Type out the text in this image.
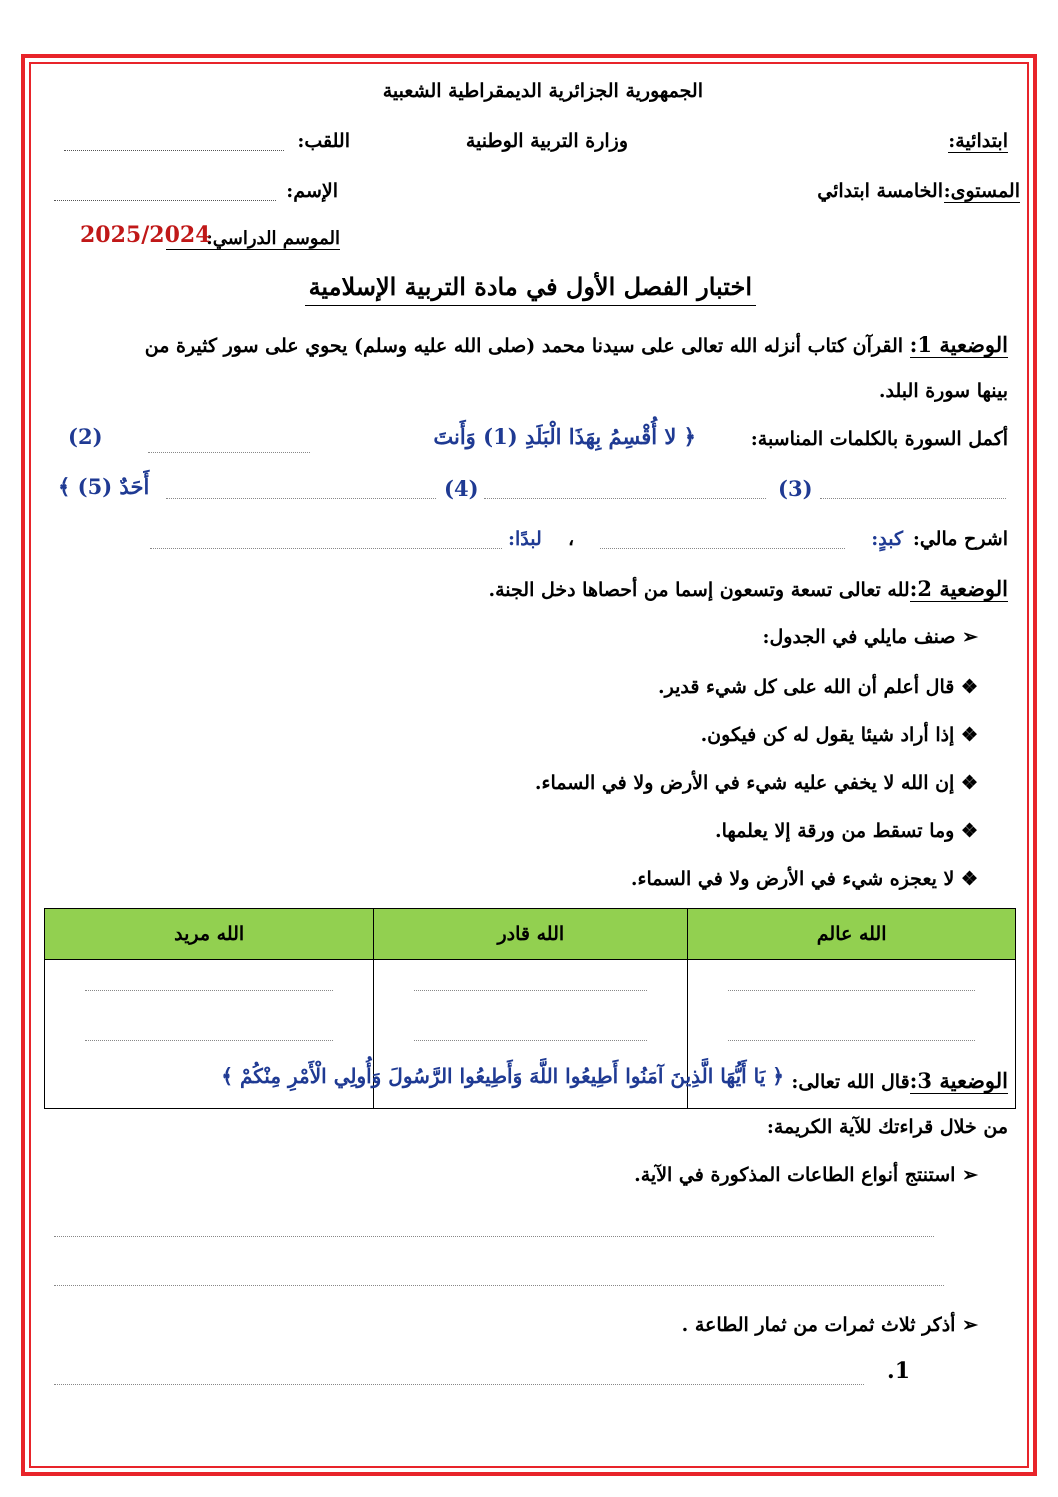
الجمهورية الجزائرية الديمقراطية الشعبية
ابتدائية:
وزارة التربية الوطنية
اللقب:
المستوى:
الخامسة ابتدائي
الإسم:
الموسم الدراسي:
2025/2024
اختبار الفصل الأول في مادة التربية الإسلامية
الوضعية 1: القرآن كتاب أنزله الله تعالى على سيدنا محمد (صلى الله عليه وسلم) يحوي على سور كثيرة من
بينها سورة البلد.
أكمل السورة بالكلمات المناسبة:
﴿ لا أُقْسِمُ بِهَذَا الْبَلَدِ (1) وَأَنتَ
(2)
(3)
(4)
أَحَدٌ (5) ﴾
اشرح مالي:
كبدٍ:
،
لبدًا:
الوضعية 2:لله تعالى تسعة وتسعون إسما من أحصاها دخل الجنة.
➢ صنف مايلي في الجدول:
❖ قال أعلم أن الله على كل شيء قدير.
❖ إذا أراد شيئا يقول له كن فيكون.
❖ إن الله لا يخفي عليه شيء في الأرض ولا في السماء.
❖ وما تسقط من ورقة إلا يعلمها.
❖ لا يعجزه شيء في الأرض ولا في السماء.
الله عالم	الله قادر	الله مريد

الوضعية 3:قال الله تعالى:
﴿ يَا أَيُّهَا الَّذِينَ آمَنُوا أَطِيعُوا اللَّهَ وَأَطِيعُوا الرَّسُولَ وَأُولِي الْأَمْرِ مِنْكُمْ ﴾
من خلال قراءتك للآية الكريمة:
➢ استنتج أنواع الطاعات المذكورة في الآية.
➢ أذكر ثلاث ثمرات من ثمار الطاعة .
1.
